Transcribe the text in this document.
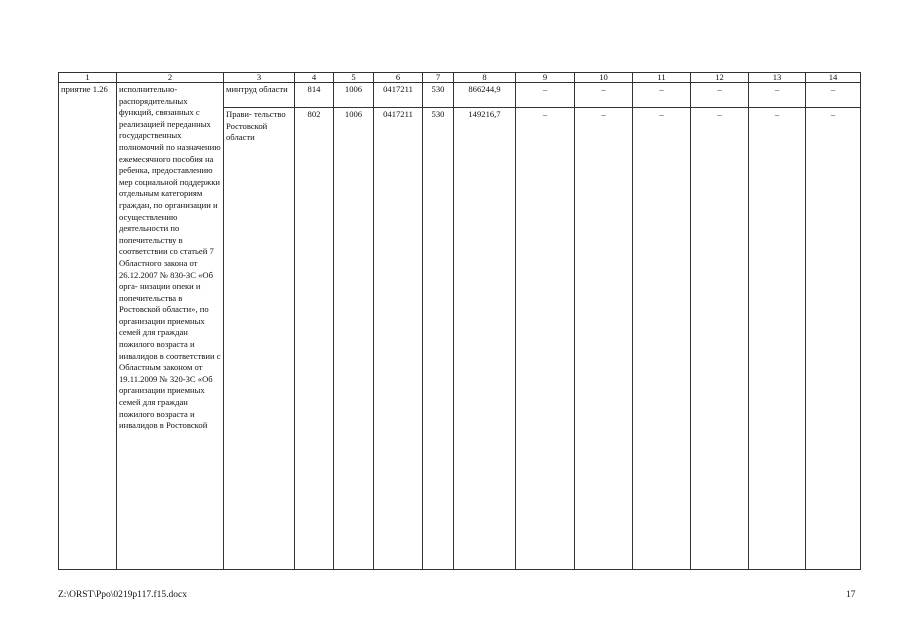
1	2	3	4	5	6	7	8	9	10	11	12	13	14
приятие 1.26	исполнительно- распорядительных функций, связанных с реализацией переданных государственных полномочий по назначению ежемесячного пособия на ребенка, предоставлению мер социальной поддержки отдельным категориям граждан, по организации и осуществлению деятельности по попечительству в соответствии со статьей 7 Областного закона от 26.12.2007 № 830-ЗС «Об орга- низации опеки и попечительства в Ростовской области», по организации приемных семей для граждан пожилого возраста и инвалидов в соответствии с Областным законом от 19.11.2009 № 320-ЗС «Об организации приемных семей для граждан пожилого возраста и инвалидов в Ростовской	минтруд области	814	1006	0417211	530	866244,9	–	–	–	–	–	–
		Прави- тельство Ростовской области	802	1006	0417211	530	149216,7	–	–	–	–	–	–
Z:\ORST\Ppo\0219p117.f15.docx	17
